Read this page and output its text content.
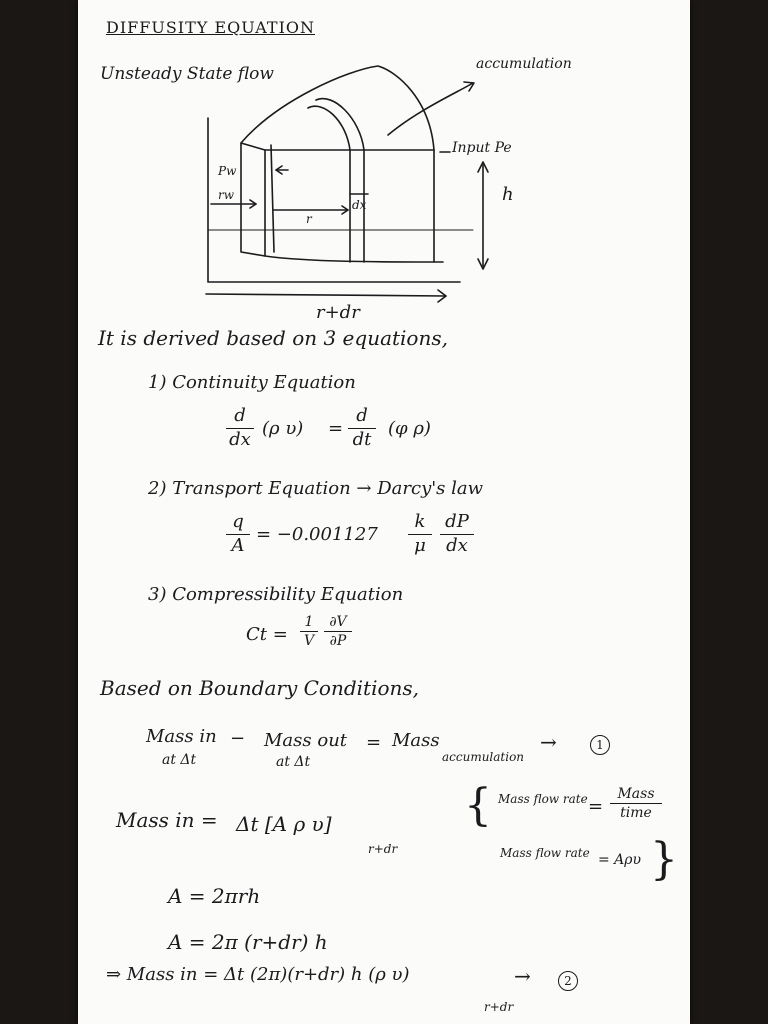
DIFFUSITY EQUATION
Unsteady State flow	accumulation
Input Pe
h
Pw
rw
r
dx
r+dr
It is derived based on 3 equations,
1) Continuity Equation
d
dx
(ρ υ) =
d
dt
(φ ρ)
2) Transport Equation → Darcy's law
q
A
= −0.001127
k
μ
dP
dx
3) Compressibility Equation
Ct =
1
V
∂V
∂P
Based on Boundary Conditions,
Mass in
at Δt
− Mass out
at Δt
= Mass
accumulation
→	1
Mass in = Δt [A ρ υ]
r+dr
{ Mass flow rate =
Mass
time
Mass flow rate = Aρυ }
A = 2πrh
A = 2π (r+dr) h
⇒ Mass in = Δt (2π)(r+dr) h (ρ υ)
r+dr
→	2
